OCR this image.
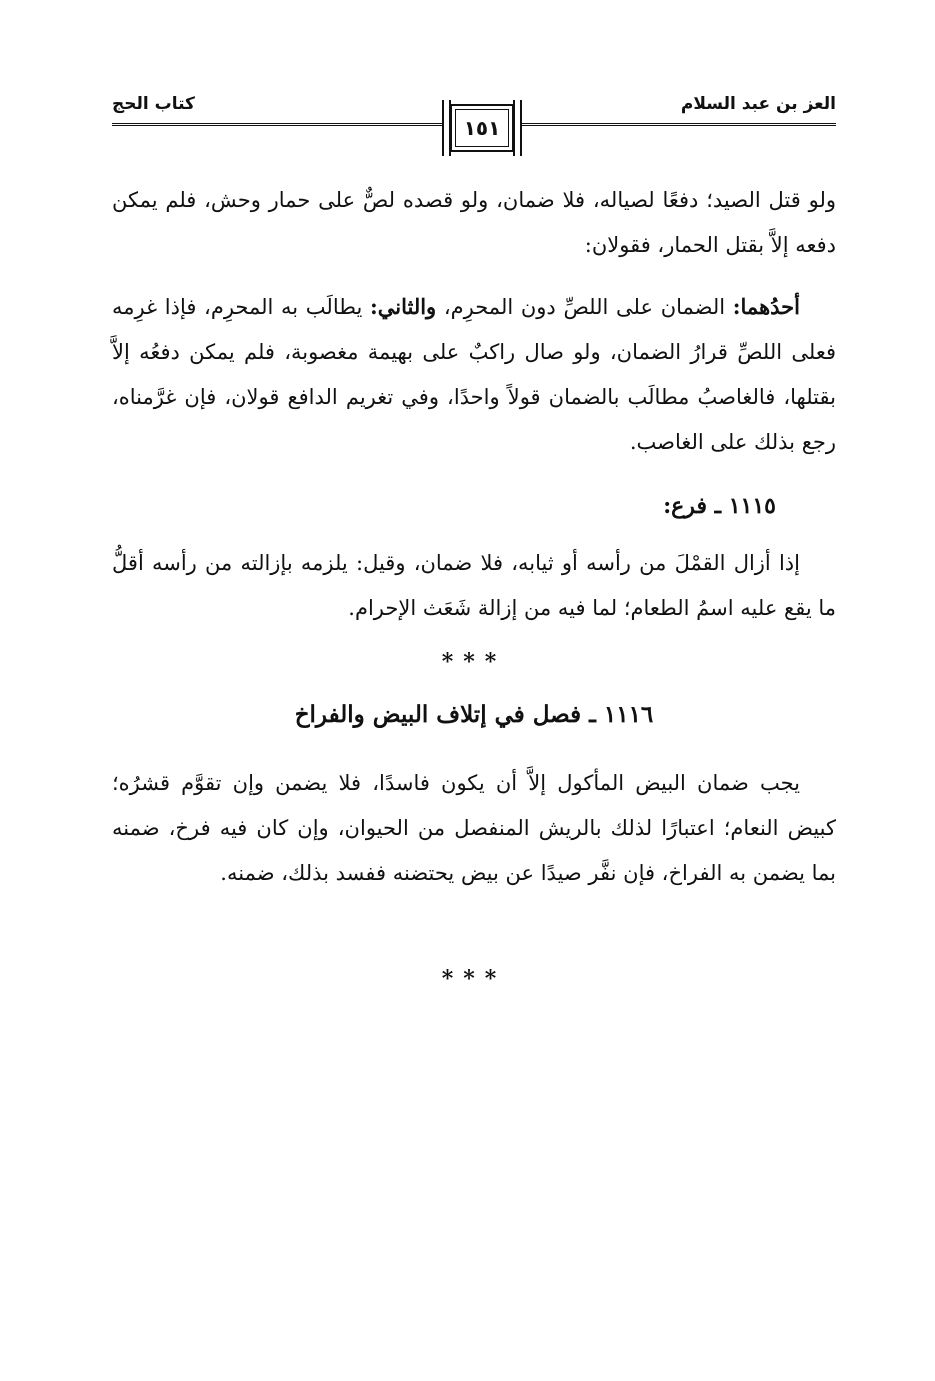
العز بن عبد السلام
كتاب الحج
١٥١

ولو قتل الصيد؛ دفعًا لصياله، فلا ضمان، ولو قصده لصٌّ على حمار وحش، فلم يمكن دفعه إلاَّ بقتل الحمار، فقولان:

أحدُهما: الضمان على اللصِّ دون المحرِم، والثاني: يطالَب به المحرِم، فإذا غرِمه فعلى اللصِّ قرارُ الضمان، ولو صال راكبٌ على بهيمة مغصوبة، فلم يمكن دفعُه إلاَّ بقتلها، فالغاصبُ مطالَب بالضمان قولاً واحدًا، وفي تغريم الدافع قولان، فإن غرَّمناه، رجع بذلك على الغاصب.

١١١٥ ـ فرع:

إذا أزال القمْلَ من رأسه أو ثيابه، فلا ضمان، وقيل: يلزمه بإزالته من رأسه أقلُّ ما يقع عليه اسمُ الطعام؛ لما فيه من إزالة شَعَث الإحرام.

***
١١١٦ ـ فصل في إتلاف البيض والفراخ

يجب ضمان البيض المأكول إلاَّ أن يكون فاسدًا، فلا يضمن وإن تقوَّم قشرُه؛ كبيض النعام؛ اعتبارًا لذلك بالريش المنفصل من الحيوان، وإن كان فيه فرخ، ضمنه بما يضمن به الفراخ، فإن نفَّر صيدًا عن بيض يحتضنه ففسد بذلك، ضمنه.

***
